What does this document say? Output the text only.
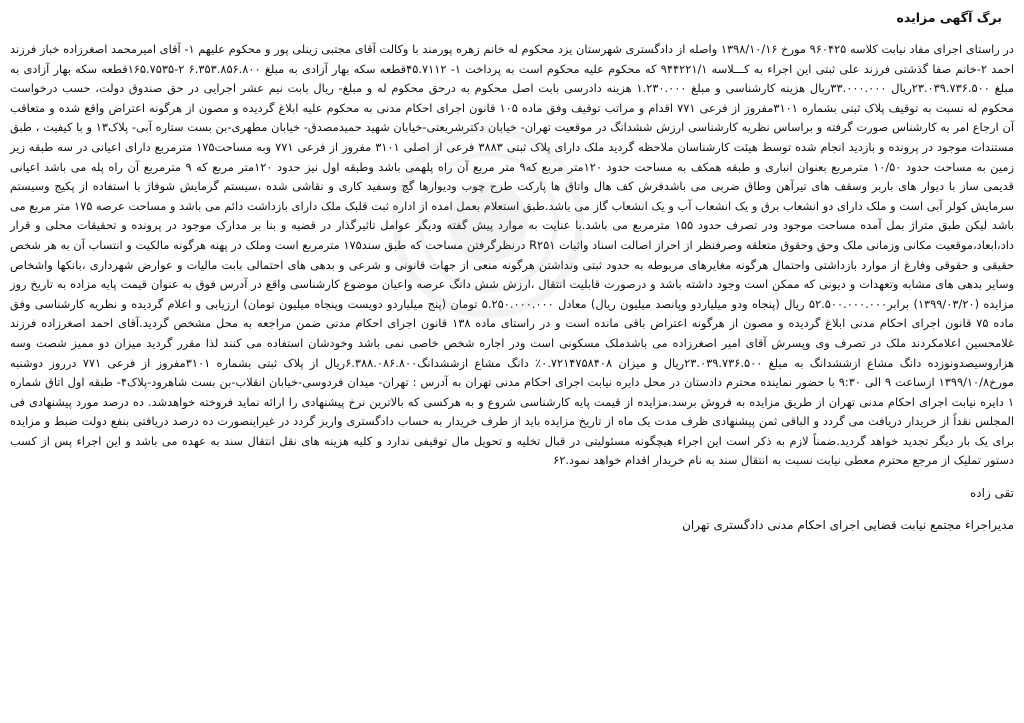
برگ آگهی مزایده

در راستای اجرای مفاد نیابت کلاسه ۹۶۰۴۲۵ مورخ ۱۳۹۸/۱۰/۱۶ واصله از دادگستری شهرستان یزد محکوم له خانم زهره پورمند با وکالت آقای مجتبی زینلی پور و محکوم علیهم ۱- آقای امیرمحمد اصغرزاده خباز فرزند احمد ۲-خانم صفا گذشتی فرزند علی ثبتی این اجراء به کـــلاسه ۹۴۴۲۲۱/۱ که محکوم علیه محکوم است به پرداخت ۱- ۴۵.۷۱۱۲قطعه سکه بهار آزادی به مبلغ ۶.۳۵۳.۸۵۶.۸۰۰ ۲-۱۶۵.۷۵۳۵قطعه سکه بهار آزادی به مبلغ ۲۳.۰۳۹.۷۳۶.۵۰۰ریال ۳۳.۰۰۰.۰۰۰ریال هزینه کارشناسی و مبلغ ۱.۲۳۰.۰۰۰ هزینه دادرسی بابت اصل محکوم به درحق محکوم له و مبلغ- ریال بابت نیم عشر اجرایی در حق صندوق دولت، حسب درخواست محکوم له نسبت به توقیف پلاک ثبتی بشماره ۳۱۰۱مفروز از فرعی ۷۷۱ اقدام و مراتب توقیف وفق ماده ۱۰۵ قانون اجرای احکام مدنی به محکوم علیه ابلاغ گردیده و مصون از هرگونه اعتراض واقع شده و متعاقب آن ارجاع امر به کارشناس صورت گرفته و براساس نظریه کارشناسی ارزش ششدانگ در موقعیت تهران- خیابان دکترشریعتی-خیابان شهید حمیدمصدق- خیابان مطهری-بن بست ستاره آبی- پلاک۱۳ و با کیفیت ، طبق مستندات موجود در پرونده و بازدید انجام شده توسط هیئت کارشناسان ملاحظه گردید ملک دارای پلاک ثبتی ۳۸۸۳ فرعی از اصلی ۳۱۰۱ مفروز از فرعی ۷۷۱ وبه مساحت۱۷۵ مترمربع دارای اعیانی در سه طبقه زیر زمین به مساحت حدود ۱۰/۵۰ مترمربع بعنوان انباری و طبقه همکف به مساحت حدود ۱۲۰متر مربع که۹ متر مربع آن راه پلهمی باشد وطبقه اول نیز حدود ۱۲۰متر مربع که ۹ مترمربع آن راه پله می باشد اعیانی قدیمی ساز با دیوار های باربر وسقف های تیرآهن وطاق ضربی می باشدفرش کف هال واتاق ها پارکت طرح چوب ودیوارها گچ وسفید کاری و نقاشی شده ،سیستم گرمایش شوفاژ با استفاده از پکیج وسیستم سرمایش کولر آبی است و ملک دارای دو انشعاب برق و یک انشعاب آب و یک انشعاب گاز می باشد.طبق استعلام بعمل امده از اداره ثبت قلبک ملک دارای بازداشت دائم می باشد و مساحت عرصه ۱۷۵ متر مربع می باشد لیکن طبق متراژ بمل آمده مساحت موجود ودر تصرف حدود ۱۵۵ مترمربع می باشد.با عنایت به موارد پیش گفته ودیگر عوامل تاثیرگذار در قضیه و بنا بر مدارک موجود در پرونده و تحقیقات محلی و قرار داد،ابعاد،موقعیت مکانی وزمانی ملک وحق وحقوق متعلقه وصرفنظر از احراز اصالت اسناد واثبات R۲۵۱ درنظرگرفتن مساحت که طبق سند۱۷۵ مترمربع است وملک در پهنه هرگونه مالکیت و انتساب آن به هر شخص حقیقی و حقوقی وفارغ از موارد بازداشتی واحتمال هرگونه مغایرهای مربوطه به حدود ثبتی ونداشتن هرگونه منعی از جهات قانونی و شرعی و بدهی های احتمالی بابت مالیات و عوارض شهرداری ،بانکها واشخاص وسایر بدهی های مشابه وتعهدات و دیونی که ممکن است وجود داشته باشد و درصورت قابلیت انتقال ،ارزش شش دانگ عرصه واعیان موضوع کارشناسی واقع در آدرس فوق به عنوان قیمت پایه مزاده به تاریخ روز مزایده (۱۳۹۹/۰۳/۲۰) برابر۵۲.۵۰۰.۰۰۰.۰۰۰ ریال (پنجاه ودو میلیاردو وپانصد میلیون ریال) معادل ۵.۲۵۰.۰۰۰.۰۰۰ تومان (پنج میلیاردو دویست وپنجاه میلیون تومان) ارزیابی و اعلام گردیده و نظریه کارشناسی وفق ماده ۷۵ قانون اجرای احکام مدنی ابلاغ گردیده و مصون از هرگونه اعتراض باقی مانده است و در راستای ماده ۱۳۸ قانون اجرای احکام مدنی ضمن مراجعه به محل مشخص گردید.آقای احمد اصغرزاده فرزند غلامحسین اعلامکردند ملک در تصرف وی وپسرش آقای امیر اصغرزاده می باشدملک مسکونی است ودر اجاره شخص خاصی نمی باشد وخودشان استفاده می کنند لذا مقرر گردید میزان دو ممیز شصت وسه هزاروسیصدونوزده دانگ مشاع ازششدانگ به مبلغ ۲۳.۰۳۹.۷۳۶.۵۰۰ریال و میزان ۰.۷۲۱۴۷۵۸۴۰۸٪ دانگ مشاع ازششدانگ۶.۳۸۸.۰۸۶.۸۰۰ریال از پلاک ثبتی بشماره ۳۱۰۱مفروز از فرعی ۷۷۱ درروز دوشنبه مورخ۱۳۹۹/۱۰/۸ ازساعت ۹ الی ۹:۳۰ با حضور نماینده محترم دادستان در محل دایره نیابت اجرای احکام مدنی تهران به آدرس : تهران- میدان فردوسی-خیابان انقلاب-بن بست شاهرود-پلاک۴- طبقه اول اتاق شماره ۱ دایره نیابت اجرای احکام مدنی تهران از طریق مزایده به فروش برسد.مزایده از قیمت پایه کارشناسی شروع و به هرکسی که بالاترین نرخ پیشنهادی را ارائه نماید فروخته خواهدشد. ده درصد مورد پیشنهادی فی المجلس نقداً از خریدار دریافت می گردد و الباقی ثمن پیشنهادی ظرف مدت یک ماه از تاریخ مزایده باید از طرف خریدار به حساب دادگستری واریز گردد در غیراینصورت ده درصد دریافتی بنفع دولت ضبط و مزایده برای یک بار دیگر تجدید خواهد گردید.ضمناً لازم به ذکر است این اجراء هیچگونه مسئولیتی در قبال تخلیه و تحویل مال توقیفی ندارد و کلیه هزینه های نقل انتقال سند به عهده می باشد و این اجراء پس از کسب دستور تملیک از مرجع محترم معطی نیابت نسبت به انتقال سند به نام خریدار اقدام خواهد نمود.۶۲

تقی زاده
مدیراجراء مجتمع نیابت قضایی اجرای احکام مدنی دادگستری تهران
